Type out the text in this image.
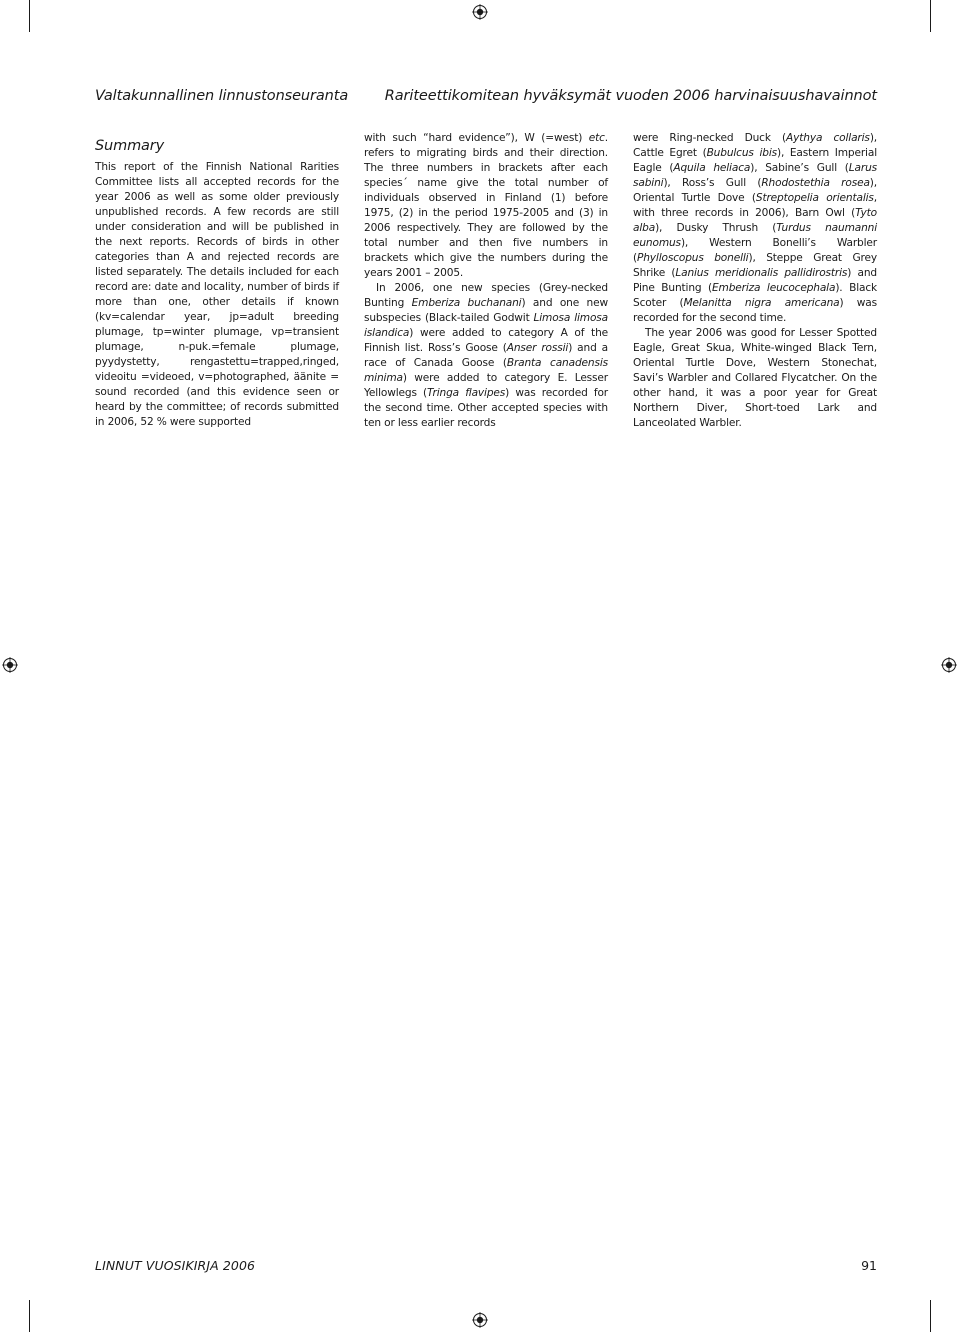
Valtakunnallinen linnustonseuranta	Rariteettikomitean hyväksymät vuoden 2006 harvinaisuushavainnot
Summary

This report of the Finnish National Rarities Committee lists all accepted records for the year 2006 as well as some older previously unpublished records. A few records are still under consideration and will be published in the next reports. Records of birds in other categories than A and rejected records are listed separately. The details included for each record are: date and locality, number of birds if more than one, other details if known (kv=calendar year, jp=adult breeding plumage, tp=winter plumage, vp=transient plumage, n-puk.=female plumage, pyydystetty, rengastettu=trapped,ringed, videoitu =videoed, v=photographed, äänite = sound recorded (and this evidence seen or heard by the committee; of records submitted in 2006, 52 % were supported

with such “hard evidence”), W (=west) etc. refers to migrating birds and their direction. The three numbers in brackets after each species´ name give the total number of individuals observed in Finland (1) before 1975, (2) in the period 1975-2005 and (3) in 2006 respectively. They are followed by the total number and then five numbers in brackets which give the numbers during the years 2001 – 2005.

In 2006, one new species (Grey-necked Bunting Emberiza buchanani) and one new subspecies (Black-tailed Godwit Limosa limosa islandica) were added to category A of the Finnish list. Ross’s Goose (Anser rossii) and a race of Canada Goose (Branta canadensis minima) were added to category E. Lesser Yellowlegs (Tringa flavipes) was recorded for the second time. Other accepted species with ten or less earlier records

were Ring-necked Duck (Aythya collaris), Cattle Egret (Bubulcus ibis), Eastern Imperial Eagle (Aquila heliaca), Sabine’s Gull (Larus sabini), Ross’s Gull (Rhodostethia rosea), Oriental Turtle Dove (Streptopelia orientalis, with three records in 2006), Barn Owl (Tyto alba), Dusky Thrush (Turdus naumanni eunomus), Western Bonelli’s Warbler (Phylloscopus bonelli), Steppe Great Grey Shrike (Lanius meridionalis pallidirostris) and Pine Bunting (Emberiza leucocephala). Black Scoter (Melanitta nigra americana) was recorded for the second time.

The year 2006 was good for Lesser Spotted Eagle, Great Skua, White-winged Black Tern, Oriental Turtle Dove, Western Stonechat, Savi’s Warbler and Collared Flycatcher. On the other hand, it was a poor year for Great Northern Diver, Short-toed Lark and Lanceolated Warbler.

LINNUT VUOSIKIRJA 2006	91
